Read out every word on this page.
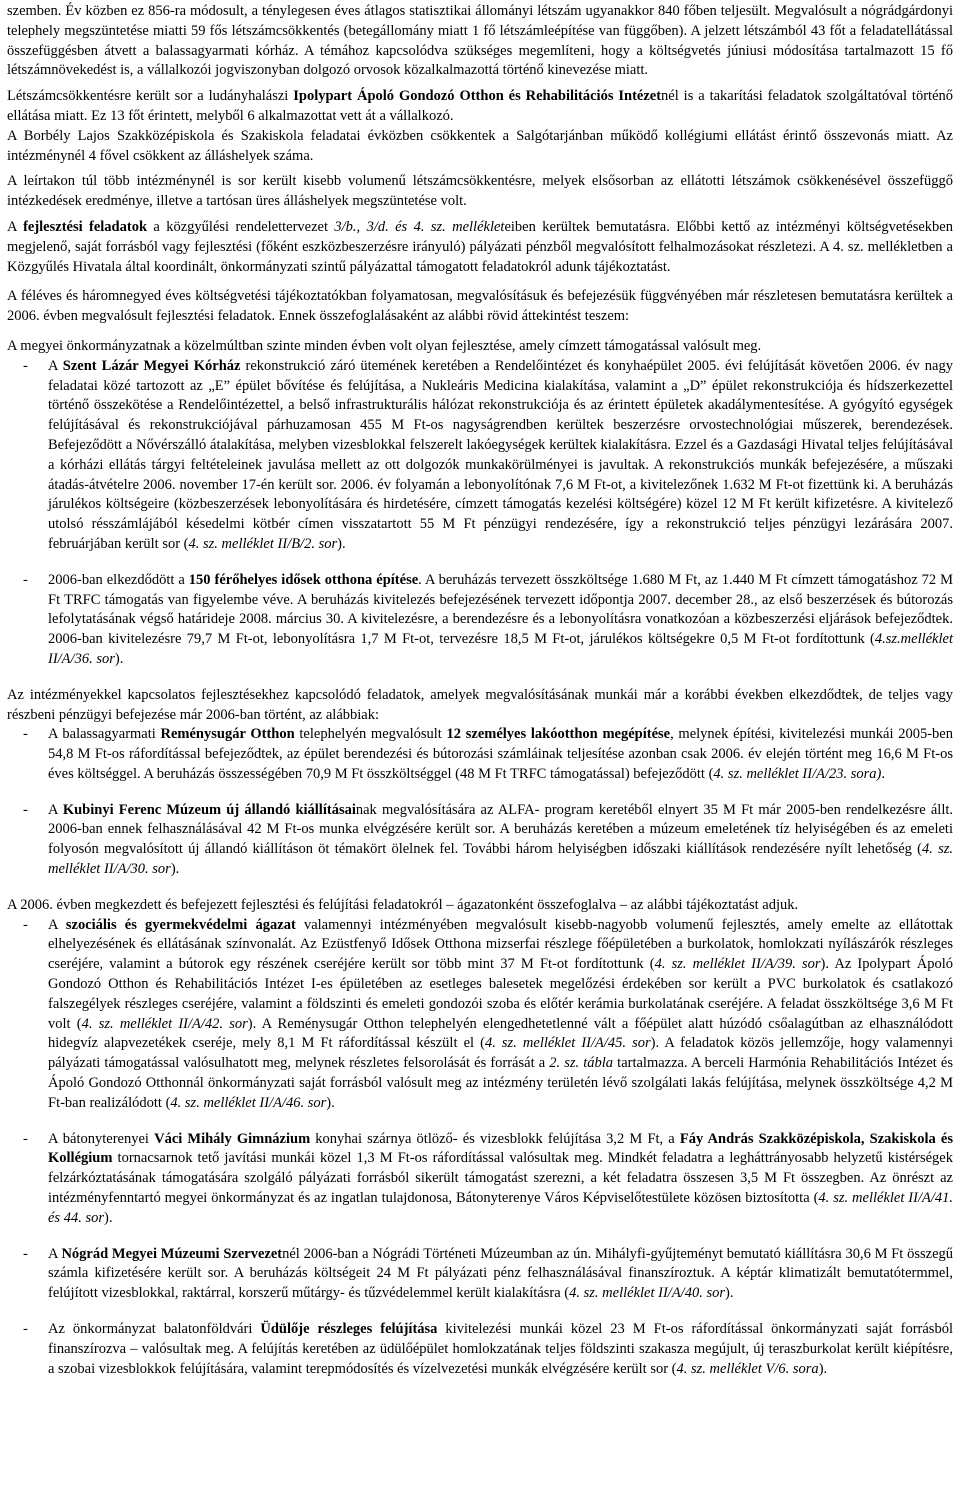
szemben. Év közben ez 856-ra módosult, a ténylegesen éves átlagos statisztikai állományi létszám ugyanakkor 840 főben teljesült. Megvalósult a nógrádgárdonyi telephely megszüntetése miatti 59 fős létszámcsökkentés (betegállomány miatt 1 fő létszámleépítése van függőben). A jelzett létszámból 43 főt a feladatellátással összefüggésben átvett a balassagyarmati kórház. A témához kapcsolódva szükséges megemlíteni, hogy a költségvetés júniusi módosítása tartalmazott 15 fő létszámnövekedést is, a vállalkozói jogviszonyban dolgozó orvosok közalkalmazottá történő kinevezése miatt.

Létszámcsökkentésre került sor a ludányhalászi Ipolypart Ápoló Gondozó Otthon és Rehabilitációs Intézetnél is a takarítási feladatok szolgáltatóval történő ellátása miatt. Ez 13 főt érintett, melyből 6 alkalmazottat vett át a vállalkozó.

A Borbély Lajos Szakközépiskola és Szakiskola feladatai évközben csökkentek a Salgótarjánban működő kollégiumi ellátást érintő összevonás miatt. Az intézménynél 4 fővel csökkent az álláshelyek száma.

A leírtakon túl több intézménynél is sor került kisebb volumenű létszámcsökkentésre, melyek elsősorban az ellátotti létszámok csökkenésével összefüggő intézkedések eredménye, illetve a tartósan üres álláshelyek megszüntetése volt.

A fejlesztési feladatok a közgyűlési rendelettervezet 3/b., 3/d. és 4. sz. mellékleteiben kerültek bemutatásra. Előbbi kettő az intézményi költségvetésekben megjelenő, saját forrásból vagy fejlesztési (főként eszközbeszerzésre irányuló) pályázati pénzből megvalósított felhalmozásokat részletezi. A 4. sz. mellékletben a Közgyűlés Hivatala által koordinált, önkormányzati szintű pályázattal támogatott feladatokról adunk tájékoztatást.

A féléves és háromnegyed éves költségvetési tájékoztatókban folyamatosan, megvalósításuk és befejezésük függvényében már részletesen bemutatásra kerültek a 2006. évben megvalósult fejlesztési feladatok. Ennek összefoglalásaként az alábbi rövid áttekintést teszem:

A megyei önkormányzatnak a közelmúltban szinte minden évben volt olyan fejlesztése, amely címzett támogatással valósult meg.

- A Szent Lázár Megyei Kórház rekonstrukció záró ütemének keretében a Rendelőintézet és konyhaépület 2005. évi felújítását követően 2006. év nagy feladatai közé tartozott az „E” épület bővítése és felújítása, a Nukleáris Medicina kialakítása, valamint a „D” épület rekonstrukciója és hídszerkezettel történő összekötése a Rendelőintézettel, a belső infrastrukturális hálózat rekonstrukciója és az érintett épületek akadálymentesítése. A gyógyító egységek felújításával és rekonstrukciójával párhuzamosan 455 M Ft-os nagyságrendben kerültek beszerzésre orvostechnológiai műszerek, berendezések. Befejeződött a Nővérszálló átalakítása, melyben vizesblokkal felszerelt lakóegységek kerültek kialakításra. Ezzel és a Gazdasági Hivatal teljes felújításával a kórházi ellátás tárgyi feltételeinek javulása mellett az ott dolgozók munkakörülményei is javultak. A rekonstrukciós munkák befejezésére, a műszaki átadás-átvételre 2006. november 17-én került sor. 2006. év folyamán a lebonyolítónak 7,6 M Ft-ot, a kivitelezőnek 1.632 M Ft-ot fizettünk ki. A beruházás járulékos költségeire (közbeszerzések lebonyolítására és hirdetésére, címzett támogatás kezelési költségére) közel 12 M Ft került kifizetésre. A kivitelező utolsó résszámlájából késedelmi kötbér címen visszatartott 55 M Ft pénzügyi rendezésére, így a rekonstrukció teljes pénzügyi lezárására 2007. februárjában került sor (4. sz. melléklet II/B/2. sor).
- 2006-ban elkezdődött a 150 férőhelyes idősek otthona építése. A beruházás tervezett összköltsége 1.680 M Ft, az 1.440 M Ft címzett támogatáshoz 72 M Ft TRFC támogatás van figyelembe véve. A beruházás kivitelezés befejezésének tervezett időpontja 2007. december 28., az első beszerzések és bútorozás lefolytatásának végső határideje 2008. március 30. A kivitelezésre, a berendezésre és a lebonyolításra vonatkozóan a közbeszerzési eljárások befejeződtek. 2006-ban kivitelezésre 79,7 M Ft-ot, lebonyolításra 1,7 M Ft-ot, tervezésre 18,5 M Ft-ot, járulékos költségekre 0,5 M Ft-ot fordítottunk (4.sz.melléklet II/A/36. sor).

Az intézményekkel kapcsolatos fejlesztésekhez kapcsolódó feladatok, amelyek megvalósításának munkái már a korábbi években elkezdődtek, de teljes vagy részbeni pénzügyi befejezése már 2006-ban történt, az alábbiak:

- A balassagyarmati Reménysugár Otthon telephelyén megvalósult 12 személyes lakóotthon megépítése, melynek építési, kivitelezési munkái 2005-ben 54,8 M Ft-os ráfordítással befejeződtek, az épület berendezési és bútorozási számláinak teljesítése azonban csak 2006. év elején történt meg 16,6 M Ft-os éves költséggel. A beruházás összességében 70,9 M Ft összköltséggel (48 M Ft TRFC támogatással) befejeződött (4. sz. melléklet II/A/23. sora).
- A Kubinyi Ferenc Múzeum új állandó kiállításainak megvalósítására az ALFA- program keretéből elnyert 35 M Ft már 2005-ben rendelkezésre állt. 2006-ban ennek felhasználásával 42 M Ft-os munka elvégzésére került sor. A beruházás keretében a múzeum emeletének tíz helyiségében és az emeleti folyosón megvalósított új állandó kiállításon öt témakört ölelnek fel. További három helyiségben időszaki kiállítások rendezésére nyílt lehetőség (4. sz. melléklet II/A/30. sor).

A 2006. évben megkezdett és befejezett fejlesztési és felújítási feladatokról – ágazatonként összefoglalva – az alábbi tájékoztatást adjuk.

- A szociális és gyermekvédelmi ágazat valamennyi intézményében megvalósult kisebb-nagyobb volumenű fejlesztés, amely emelte az ellátottak elhelyezésének és ellátásának színvonalát. Az Ezüstfenyő Idősek Otthona mizserfai részlege főépületében a burkolatok, homlokzati nyílászárók részleges cseréjére, valamint a bútorok egy részének cseréjére került sor több mint 37 M Ft-ot fordítottunk (4. sz. melléklet II/A/39. sor). Az Ipolypart Ápoló Gondozó Otthon és Rehabilitációs Intézet I-es épületében az esetleges balesetek megelőzési érdekében sor került a PVC burkolatok és csatlakozó falszegélyek részleges cseréjére, valamint a földszinti és emeleti gondozói szoba és előtér kerámia burkolatának cseréjére. A feladat összköltsége 3,6 M Ft volt (4. sz. melléklet II/A/42. sor). A Reménysugár Otthon telephelyén elengedhetetlenné vált a főépület alatt húzódó csőalagútban az elhasználódott hidegvíz alapvezetékek cseréje, mely 8,1 M Ft ráfordítással készült el (4. sz. melléklet II/A/45. sor). A feladatok közös jellemzője, hogy valamennyi pályázati támogatással valósulhatott meg, melynek részletes felsorolását és forrását a 2. sz. tábla tartalmazza. A berceli Harmónia Rehabilitációs Intézet és Ápoló Gondozó Otthonnál önkormányzati saját forrásból valósult meg az intézmény területén lévő szolgálati lakás felújítása, melynek összköltsége 4,2 M Ft-ban realizálódott (4. sz. melléklet II/A/46. sor).
- A bátonyterenyei Váci Mihály Gimnázium konyhai szárnya ötlöző- és vizesblokk felújítása 3,2 M Ft, a Fáy András Szakközépiskola, Szakiskola és Kollégium tornacsarnok tető javítási munkái közel 1,3 M Ft-os ráfordítással valósultak meg. Mindkét feladatra a legháttrányosabb helyzetű kistérségek felzárkóztatásának támogatására szolgáló pályázati forrásból sikerült támogatást szerezni, a két feladatra összesen 3,5 M Ft összegben. Az önrészt az intézményfenntartó megyei önkormányzat és az ingatlan tulajdonosa, Bátonyterenye Város Képviselőtestülete közösen biztosította (4. sz. melléklet II/A/41. és 44. sor).
- A Nógrád Megyei Múzeumi Szervezetnél 2006-ban a Nógrádi Történeti Múzeumban az ún. Mihályfi-gyűjteményt bemutató kiállításra 30,6 M Ft összegű számla kifizetésére került sor. A beruházás költségeit 24 M Ft pályázati pénz felhasználásával finanszíroztuk. A képtár klimatizált bemutatótermmel, felújított vizesblokkal, raktárral, korszerű műtárgy- és tűzvédelemmel került kialakításra (4. sz. melléklet II/A/40. sor).
- Az önkormányzat balatonföldvári Üdülője részleges felújítása kivitelezési munkái közel 23 M Ft-os ráfordítással önkormányzati saját forrásból finanszírozva – valósultak meg. A felújítás keretében az üdülőépület homlokzatának teljes földszinti szakasza megújult, új teraszburkolat került kiépítésre, a szobai vizesblokkok felújítására, valamint terepmódosítés és vízelvezetési munkák elvégzésére került sor (4. sz. melléklet V/6. sora).
